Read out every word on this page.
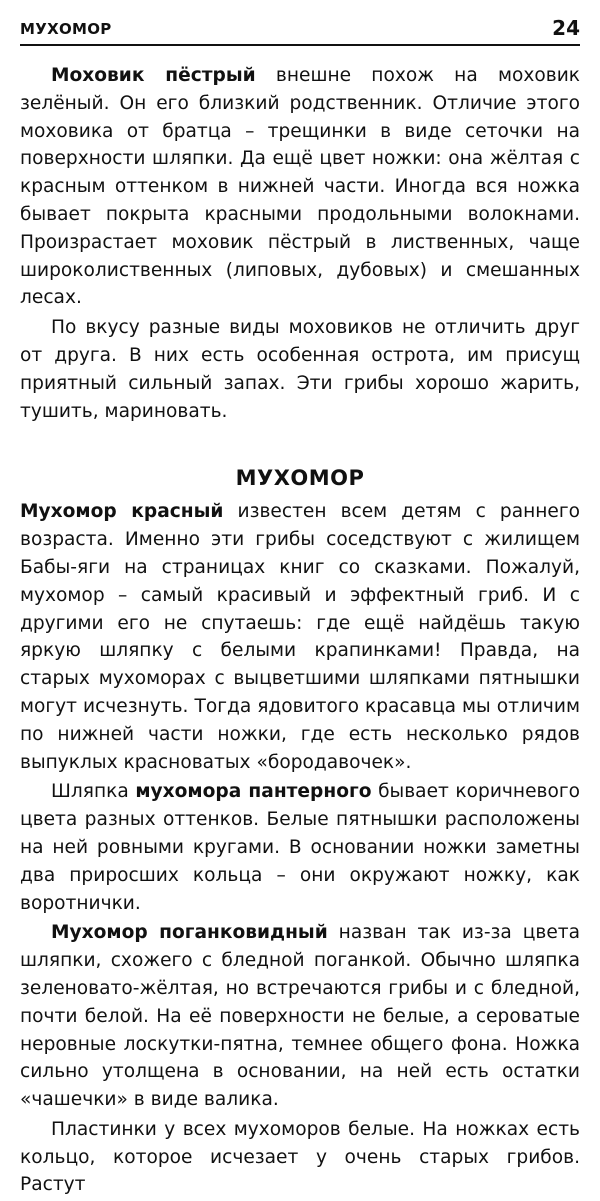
МУХОМОР	24

Моховик пёстрый внешне похож на моховик зелёный. Он его близкий родственник. Отличие этого моховика от братца – трещинки в виде сеточки на поверхности шляпки. Да ещё цвет ножки: она жёлтая с красным оттенком в нижней части. Иногда вся ножка бывает покрыта красными продольными волокнами. Произрастает моховик пёстрый в лиственных, чаще широколиственных (липовых, дубовых) и смешанных лесах.

По вкусу разные виды моховиков не отличить друг от друга. В них есть особенная острота, им присущ приятный сильный запах. Эти грибы хорошо жарить, тушить, мариновать.

МУХОМОР

Мухомор красный известен всем детям с раннего возраста. Именно эти грибы соседствуют с жилищем Бабы-яги на страницах книг со сказками. Пожалуй, мухомор – самый красивый и эффектный гриб. И с другими его не спутаешь: где ещё найдёшь такую яркую шляпку с белыми крапинками! Правда, на старых мухоморах с выцветшими шляпками пятнышки могут исчезнуть. Тогда ядовитого красавца мы отличим по нижней части ножки, где есть несколько рядов выпуклых красноватых «бородавочек».

Шляпка мухомора пантерного бывает коричневого цвета разных оттенков. Белые пятнышки расположены на ней ровными кругами. В основании ножки заметны два приросших кольца – они окружают ножку, как воротнички.

Мухомор поганковидный назван так из-за цвета шляпки, схожего с бледной поганкой. Обычно шляпка зеленовато-жёлтая, но встречаются грибы и с бледной, почти белой. На её поверхности не белые, а сероватые неровные лоскутки-пятна, темнее общего фона. Ножка сильно утолщена в основании, на ней есть остатки «чашечки» в виде валика.

Пластинки у всех мухоморов белые. На ножках есть кольцо, которое исчезает у очень старых грибов. Растут
